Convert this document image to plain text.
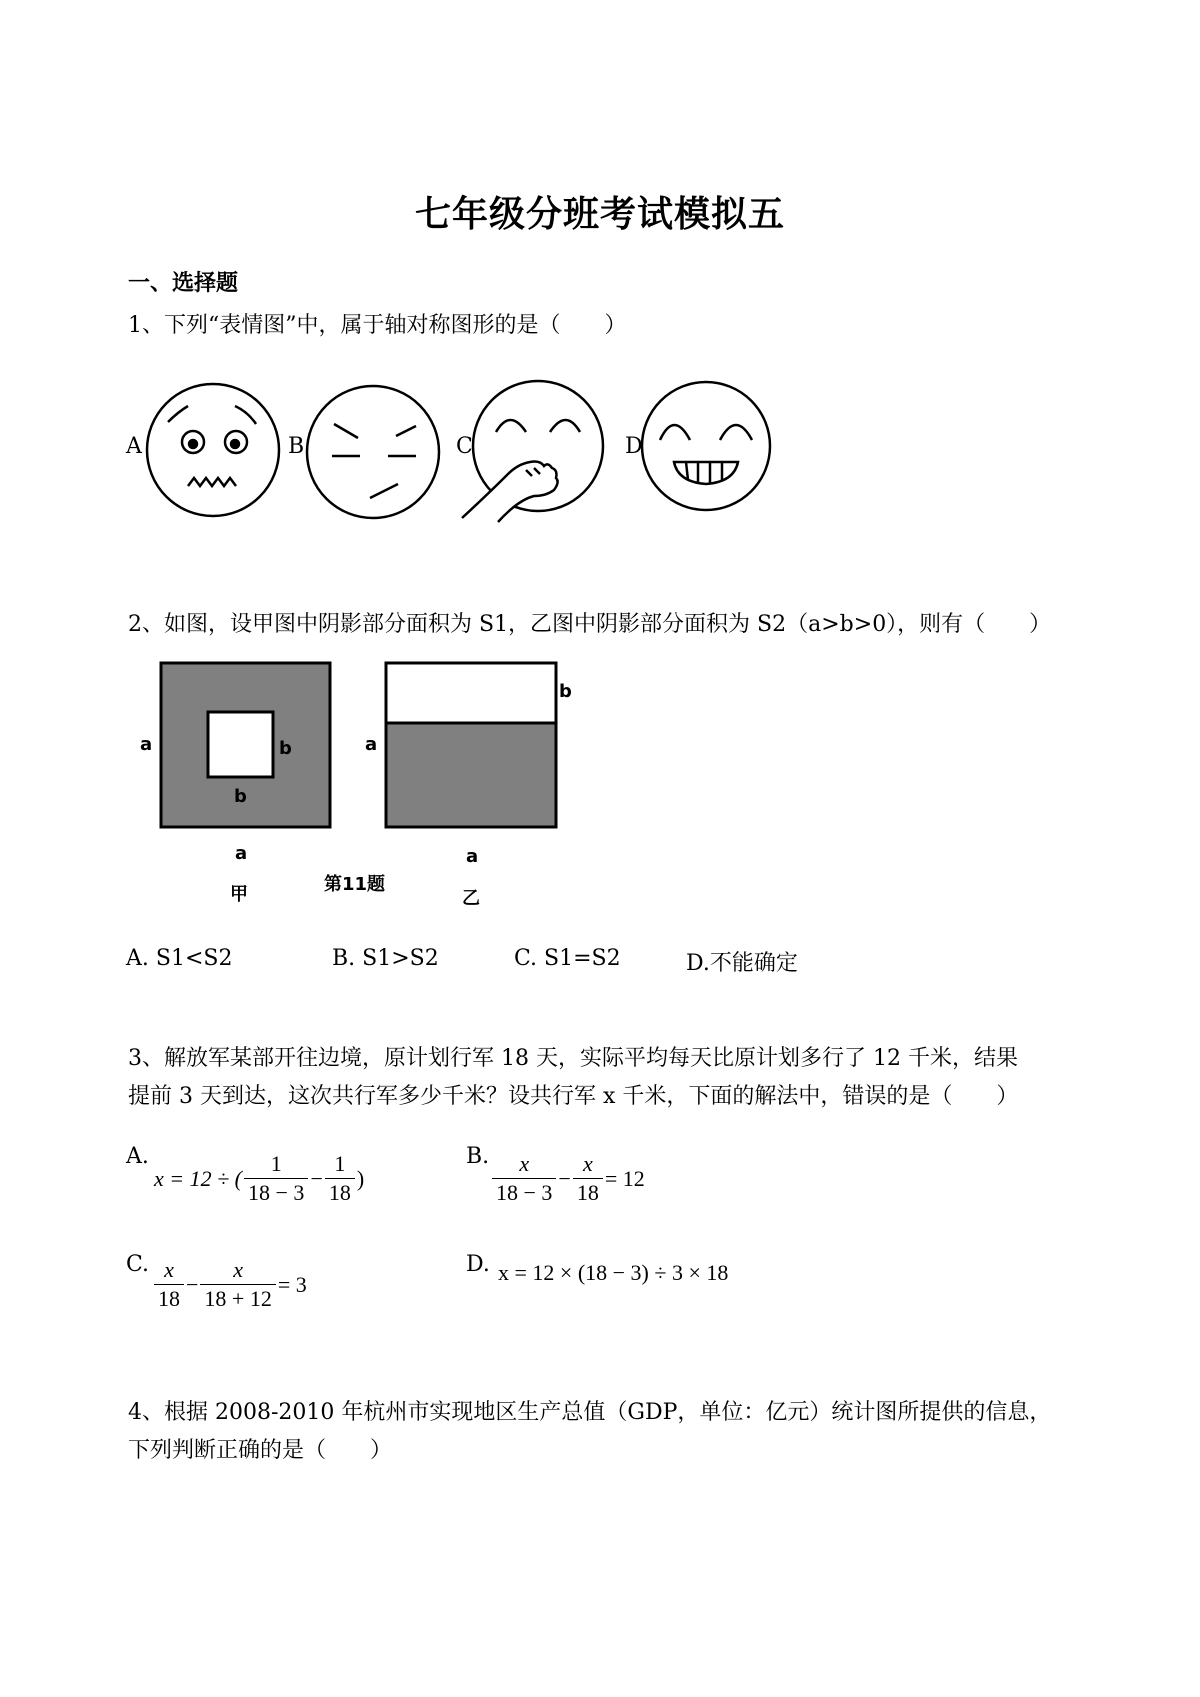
七年级分班考试模拟五
一、选择题
1、下列“表情图”中，属于轴对称图形的是（　　）
A	B	C	D
2、如图，设甲图中阴影部分面积为 S1，乙图中阴影部分面积为 S2（a>b>0），则有（　　）
a	b
b
a
甲	第11题
a
b
a
乙
A. S1<S2	B. S1>S2	C. S1=S2	D.不能确定
3、解放军某部开往边境，原计划行军 18 天，实际平均每天比原计划多行了 12 千米，结果
提前 3 天到达，这次共行军多少千米？设共行军 x 千米，下面的解法中，错误的是（　　）
A.
x = 12 ÷ ( $\frac{1}{18 - 3} - \frac{1}{18}$ )
B. $\frac{x}{18 - 3} - \frac{x}{18} = 12$
C. $\frac{x}{18} - \frac{x}{18 + 12} = 3$
D. x = 12 × (18 − 3) ÷ 3 × 18
4、根据 2008-2010 年杭州市实现地区生产总值（GDP，单位：亿元）统计图所提供的信息，
下列判断正确的是（　　）
